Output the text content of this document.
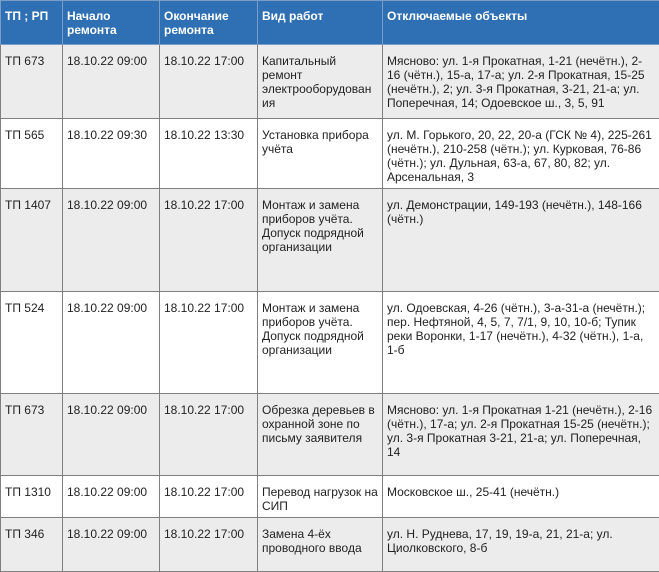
ТП ; РП	Начало ремонта	Окончание ремонта	Вид работ	Отключаемые объекты
ТП 673	18.10.22 09:00	18.10.22 17:00	Капитальный ремонт электрооборудования	Мясново: ул. 1-я Прокатная, 1-21 (нечётн.), 2-16 (чётн.), 15-а, 17-а; ул. 2-я Прокатная, 15-25 (нечётн.), 2; ул. 3-я Прокатная, 3-21, 21-а; ул. Поперечная, 14; Одоевское ш., 3, 5, 91
ТП 565	18.10.22 09:30	18.10.22 13:30	Установка прибора учёта	ул. М. Горького, 20, 22, 20-а (ГСК № 4), 225-261 (нечётн.), 210-258 (чётн.); ул. Курковая, 76-86 (чётн.); ул. Дульная, 63-а, 67, 80, 82; ул. Арсенальная, 3
ТП 1407	18.10.22 09:00	18.10.22 17:00	Монтаж и замена приборов учёта. Допуск подрядной организации	ул. Демонстрации, 149-193 (нечётн.), 148-166 (чётн.)
ТП 524	18.10.22 09:00	18.10.22 17:00	Монтаж и замена приборов учёта. Допуск подрядной организации	ул. Одоевская, 4-26 (чётн.), 3-а-31-а (нечётн.); пер. Нефтяной, 4, 5, 7, 7/1, 9, 10, 10-б; Тупик реки Воронки, 1-17 (нечётн.), 4-32 (чётн.), 1-а, 1-б
ТП 673	18.10.22 09:00	18.10.22 17:00	Обрезка деревьев в охранной зоне по письму заявителя	Мясново: ул. 1-я Прокатная 1-21 (нечётн.), 2-16 (чётн.), 17-а; ул. 2-я Прокатная 15-25 (нечётн.); ул. 3-я Прокатная 3-21, 21-а; ул. Поперечная, 14
ТП 1310	18.10.22 09:00	18.10.22 17:00	Перевод нагрузок на СИП	Московское ш., 25-41 (нечётн.)
ТП 346	18.10.22 09:00	18.10.22 17:00	Замена 4-ёх проводного ввода	ул. Н. Руднева, 17, 19, 19-а, 21, 21-а; ул. Циолковского, 8-б
